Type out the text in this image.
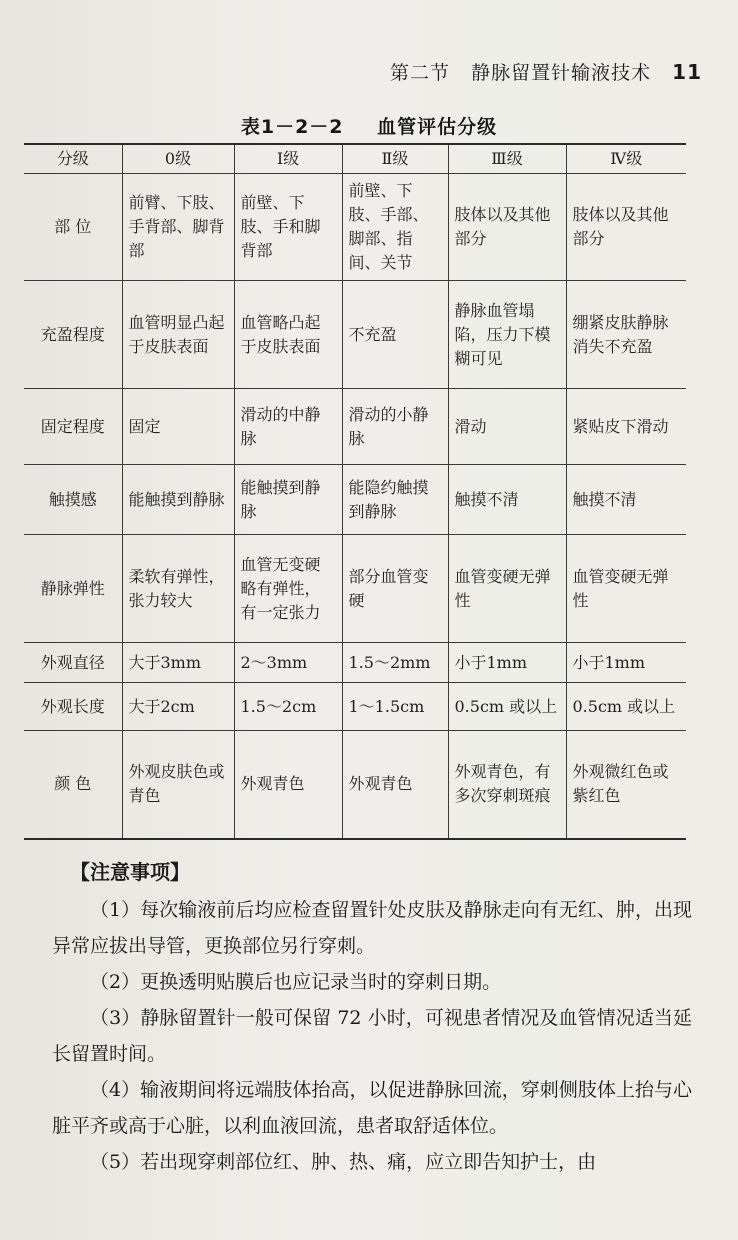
第二节 静脉留置针输液技术 11
表1－2－2 血管评估分级
分级	0级	Ⅰ级	Ⅱ级	Ⅲ级	Ⅳ级
部 位	前臂、下肢、手背部、脚背部	前壁、下肢、手和脚背部	前壁、下肢、手部、脚部、指间、关节	肢体以及其他部分	肢体以及其他部分
充盈程度	血管明显凸起于皮肤表面	血管略凸起于皮肤表面	不充盈	静脉血管塌陷，压力下模糊可见	绷紧皮肤静脉消失不充盈
固定程度	固定	滑动的中静脉	滑动的小静脉	滑动	紧贴皮下滑动
触摸感	能触摸到静脉	能触摸到静脉	能隐约触摸到静脉	触摸不清	触摸不清
静脉弹性	柔软有弹性，张力较大	血管无变硬略有弹性，有一定张力	部分血管变硬	血管变硬无弹性	血管变硬无弹性
外观直径	大于3mm	2～3mm	1.5～2mm	小于1mm	小于1mm
外观长度	大于2cm	1.5～2cm	1～1.5cm	0.5cm 或以上	0.5cm 或以上
颜 色	外观皮肤色或青色	外观青色	外观青色	外观青色，有多次穿刺斑痕	外观微红色或紫红色
【注意事项】

（1）每次输液前后均应检查留置针处皮肤及静脉走向有无红、肿，出现异常应拔出导管，更换部位另行穿刺。

（2）更换透明贴膜后也应记录当时的穿刺日期。

（3）静脉留置针一般可保留 72 小时，可视患者情况及血管情况适当延长留置时间。

（4）输液期间将远端肢体抬高，以促进静脉回流，穿刺侧肢体上抬与心脏平齐或高于心脏，以利血液回流，患者取舒适体位。

（5）若出现穿刺部位红、肿、热、痛，应立即告知护士，由
